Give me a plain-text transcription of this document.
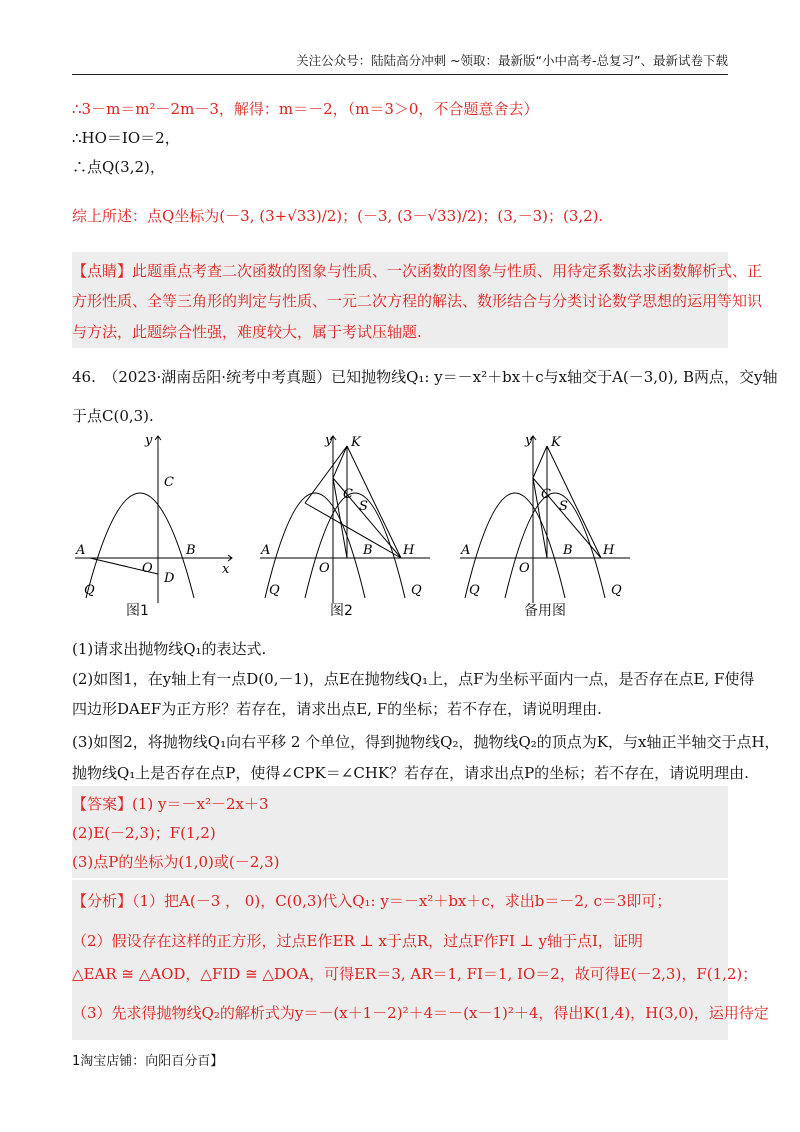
关注公众号：陆陆高分冲刺 ~领取：最新版“小中高考-总复习”、最新试卷下载
∴3－m＝m²－2m－3，解得：m＝－2，（m＝3＞0，不合题意舍去）
∴HO＝IO＝2，
∴点Q(3,2)，
综上所述：点Q坐标为(－3, (3+√33)/2)；(－3, (3－√33)/2)；(3,－3)；(3,2).
【点睛】此题重点考查二次函数的图象与性质、一次函数的图象与性质、用待定系数法求函数解析式、正
方形性质、全等三角形的判定与性质、一元二次方程的解法、数形结合与分类讨论数学思想的运用等知识
与方法，此题综合性强，难度较大，属于考试压轴题.
46.　（2023·湖南岳阳·统考中考真题）已知抛物线Q₁: y＝－x²＋bx＋c与x轴交于A(－3,0), B两点，交y轴
于点C(0,3).
A	B
C
D
O	x
y
Q
图1
A	B
C
S
K
H
O
y
Q	Q
图2
A	B
C
S
K
H
O
y
Q	Q
备用图
(1)请求出抛物线Q₁的表达式.
(2)如图1，在y轴上有一点D(0,－1)，点E在抛物线Q₁上，点F为坐标平面内一点，是否存在点E, F使得
四边形DAEF为正方形？若存在，请求出点E, F的坐标；若不存在，请说明理由.
(3)如图2，将抛物线Q₁向右平移 2 个单位，得到抛物线Q₂，抛物线Q₂的顶点为K，与x轴正半轴交于点H，
抛物线Q₁上是否存在点P，使得∠CPK＝∠CHK？若存在，请求出点P的坐标；若不存在，请说明理由.
【答案】(1) y＝－x²－2x＋3
(2)E(－2,3)；F(1,2)
(3)点P的坐标为(1,0)或(－2,3)
【分析】（1）把A(－3 ， 0)，C(0,3)代入Q₁: y＝－x²＋bx＋c，求出b＝－2, c＝3即可；
（2）假设存在这样的正方形，过点E作ER ⊥ x于点R，过点F作FI ⊥ y轴于点I，证明
△EAR ≅ △AOD，△FID ≅ △DOA，可得ER＝3, AR＝1, FI＝1, IO＝2，故可得E(－2,3)，F(1,2)；
（3）先求得抛物线Q₂的解析式为y＝－(x＋1－2)²＋4＝－(x－1)²＋4，得出K(1,4)，H(3,0)，运用待定
1淘宝店铺：向阳百分百】
